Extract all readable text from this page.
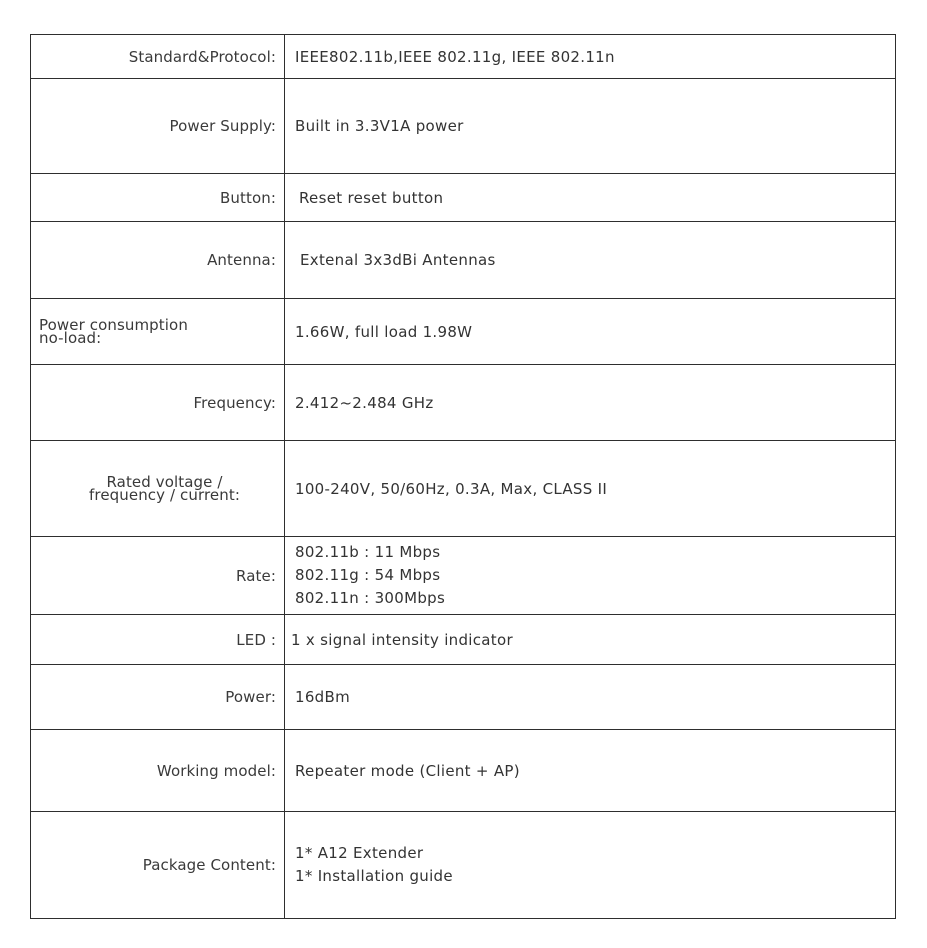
Standard&Protocol:	IEEE802.11b,IEEE 802.11g, IEEE 802.11n
Power Supply:	Built in 3.3V1A power
Button:	Reset reset button
Antenna:	Extenal 3x3dBi Antennas

Power consumption
no-load:	1.66W, full load 1.98W
Frequency:	2.412~2.484 GHz

Rated voltage /
frequency / current:	100-240V, 50/60Hz, 0.3A, Max, CLASS II
Rate:	802.11b : 11 Mbps
802.11g : 54 Mbps
802.11n : 300Mbps

LED :	1 x signal intensity indicator
Power:	16dBm
Working model:	Repeater mode (Client + AP)
Package Content:	1* A12 Extender
1* Installation guide
